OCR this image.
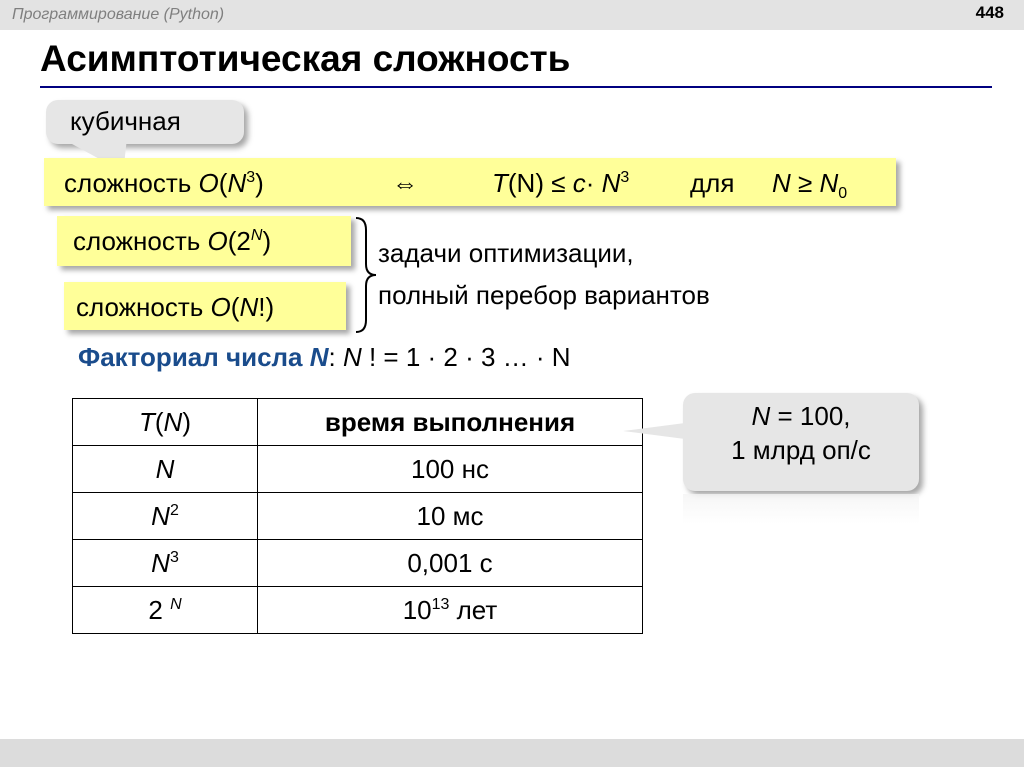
Программирование (Python)	448
Асимптотическая сложность
кубичная
сложность $O(N^3)$	⇔	$T(N) \le c\cdot N^3$ для $N \ge N_0$
сложность $O(2^N)$
сложность O(N!)
задачи оптимизации,
полный перебор вариантов
Факториал числа N: N ! = 1 · 2 · 3 … · N
T(N)	время выполнения
N	100 нс
$N^2$	10 мс
$N^3$	0,001 с
2 $^N$	$10^{13}$ лет
N = 100,
1 млрд оп/с
